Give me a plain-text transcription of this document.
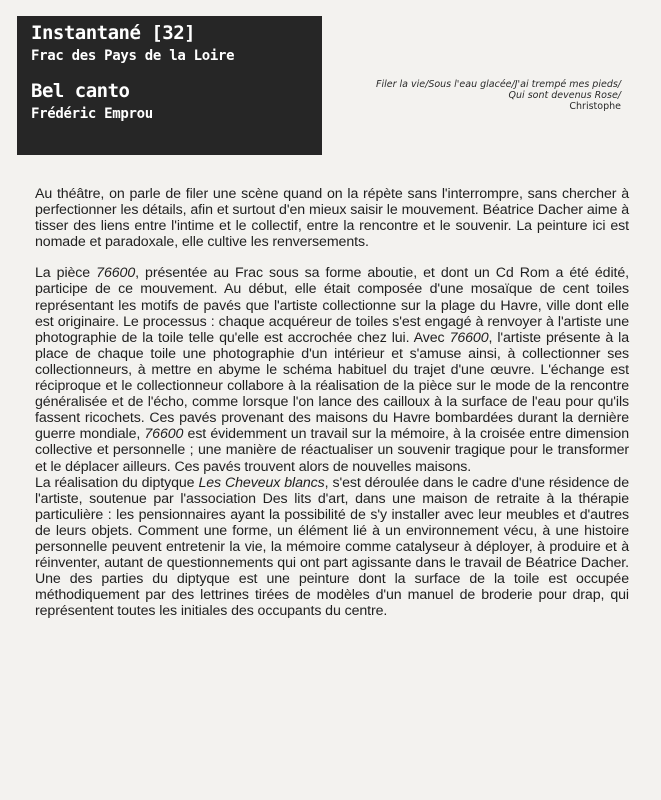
Instantané [32]
Frac des Pays de la Loire
Bel canto
Frédéric Emprou
Filer la vie/Sous l'eau glacée/J'ai trempé mes pieds/
Qui sont devenus Rose/
Christophe

Au théâtre, on parle de filer une scène quand on la répète sans l'interrompre, sans chercher à perfectionner les détails, afin et surtout d'en mieux saisir le mouvement. Béatrice Dacher aime à tisser des liens entre l'intime et le collectif, entre la rencontre et le souvenir. La peinture ici est nomade et paradoxale, elle cultive les renversements.

La pièce 76600, présentée au Frac sous sa forme aboutie, et dont un Cd Rom a été édité, participe de ce mouvement. Au début, elle était composée d'une mosaïque de cent toiles représentant les motifs de pavés que l'artiste collectionne sur la plage du Havre, ville dont elle est originaire. Le processus : chaque acquéreur de toiles s'est engagé à renvoyer à l'artiste une photographie de la toile telle qu'elle est accrochée chez lui. Avec 76600, l'artiste présente à la place de chaque toile une photographie d'un intérieur et s'amuse ainsi, à collectionner ses collectionneurs, à mettre en abyme le schéma habituel du trajet d'une œuvre. L'échange est réciproque et le collectionneur collabore à la réalisation de la pièce sur le mode de la rencontre généralisée et de l'écho, comme lorsque l'on lance des cailloux à la surface de l'eau pour qu'ils fassent ricochets. Ces pavés provenant des maisons du Havre bombardées durant la dernière guerre mondiale, 76600 est évidemment un travail sur la mémoire, à la croisée entre dimension collective et personnelle ; une manière de réactualiser un souvenir tragique pour le transformer et le déplacer ailleurs. Ces pavés trouvent alors de nouvelles maisons.

La réalisation du diptyque Les Cheveux blancs, s'est déroulée dans le cadre d'une résidence de l'artiste, soutenue par l'association Des lits d'art, dans une maison de retraite à la thérapie particulière : les pensionnaires ayant la possibilité de s'y installer avec leur meubles et d'autres de leurs objets. Comment une forme, un élément lié à un environnement vécu, à une histoire personnelle peuvent entretenir la vie, la mémoire comme catalyseur à déployer, à produire et à réinventer, autant de questionnements qui ont part agissante dans le travail de Béatrice Dacher. Une des parties du diptyque est une peinture dont la surface de la toile est occupée méthodiquement par des lettrines tirées de modèles d'un manuel de broderie pour drap, qui représentent toutes les initiales des occupants du centre.
